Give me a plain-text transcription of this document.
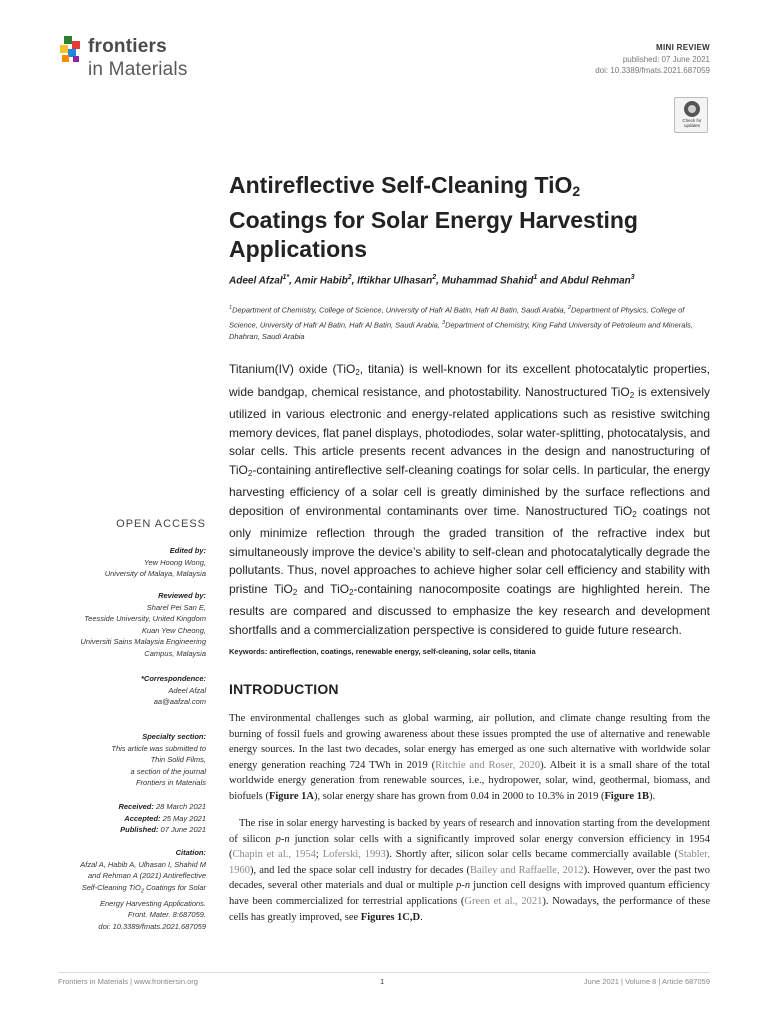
frontiers
in Materials
MINI REVIEW
published: 07 June 2021
doi: 10.3389/fmats.2021.687059
Check for updates
Antireflective Self-Cleaning TiO$_2$
Coatings for Solar Energy Harvesting
Applications
Adeel Afzal$^{1*}$, Amir Habib$^2$, Iftikhar Ulhasan$^2$, Muhammad Shahid$^1$ and Abdul Rehman$^3$
$^1$Department of Chemistry, College of Science, University of Hafr Al Batin, Hafr Al Batin, Saudi Arabia, $^2$Department of Physics, College of Science, University of Hafr Al Batin, Hafr Al Batin, Saudi Arabia, $^3$Department of Chemistry, King Fahd University of Petroleum and Minerals, Dhahran, Saudi Arabia
Titanium(IV) oxide (TiO$_2$, titania) is well-known for its excellent photocatalytic properties, wide bandgap, chemical resistance, and photostability. Nanostructured TiO$_2$ is extensively utilized in various electronic and energy-related applications such as resistive switching memory devices, flat panel displays, photodiodes, solar water-splitting, photocatalysis, and solar cells. This article presents recent advances in the design and nanostructuring of TiO$_2$-containing antireflective self-cleaning coatings for solar cells. In particular, the energy harvesting efficiency of a solar cell is greatly diminished by the surface reflections and deposition of environmental contaminants over time. Nanostructured TiO$_2$ coatings not only minimize reflection through the graded transition of the refractive index but simultaneously improve the device’s ability to self-clean and photocatalytically degrade the pollutants. Thus, novel approaches to achieve higher solar cell efficiency and stability with pristine TiO$_2$ and TiO$_2$-containing nanocomposite coatings are highlighted herein. The results are compared and discussed to emphasize the key research and development shortfalls and a commercialization perspective is considered to guide future research.
Keywords: antireflection, coatings, renewable energy, self-cleaning, solar cells, titania
INTRODUCTION
The environmental challenges such as global warming, air pollution, and climate change resulting from the burning of fossil fuels and growing awareness about these issues prompted the use of alternative and renewable energy sources. In the last two decades, solar energy has emerged as one such alternative with worldwide solar energy generation reaching 724 TWh in 2019 (Ritchie and Roser, 2020). Albeit it is a small share of the total worldwide energy generation from renewable sources, i.e., hydropower, solar, wind, geothermal, biomass, and biofuels (Figure 1A), solar energy share has grown from 0.04 in 2000 to 10.3% in 2019 (Figure 1B).
The rise in solar energy harvesting is backed by years of research and innovation starting from the development of silicon p-n junction solar cells with a significantly improved solar energy conversion efficiency in 1954 (Chapin et al., 1954; Loferski, 1993). Shortly after, silicon solar cells became commercially available (Stabler, 1960), and led the space solar cell industry for decades (Bailey and Raffaelle, 2012). However, over the past two decades, several other materials and dual or multiple p-n junction cell designs with improved quantum efficiency have been commercialized for terrestrial applications (Green et al., 2021). Nowadays, the performance of these cells has greatly improved, see Figures 1C,D.
OPEN ACCESS
Edited by:
Yew Hoong Wong,
University of Malaya, Malaysia
Reviewed by:
Sharel Pei San E,
Teesside University, United Kingdom
Kuan Yew Cheong,
Universiti Sains Malaysia Engineering
Campus, Malaysia
*Correspondence:
Adeel Afzal
aa@aafzal.com
Specialty section:
This article was submitted to
Thin Solid Films,
a section of the journal
Frontiers in Materials
Received: 28 March 2021
Accepted: 25 May 2021
Published: 07 June 2021
Citation:
Afzal A, Habib A, Ulhasan I, Shahid M
and Rehman A (2021) Antireflective
Self-Cleaning TiO$_2$ Coatings for Solar
Energy Harvesting Applications.
Front. Mater. 8:687059.
doi: 10.3389/fmats.2021.687059
Frontiers in Materials | www.frontiersin.org	1	June 2021 | Volume 8 | Article 687059
